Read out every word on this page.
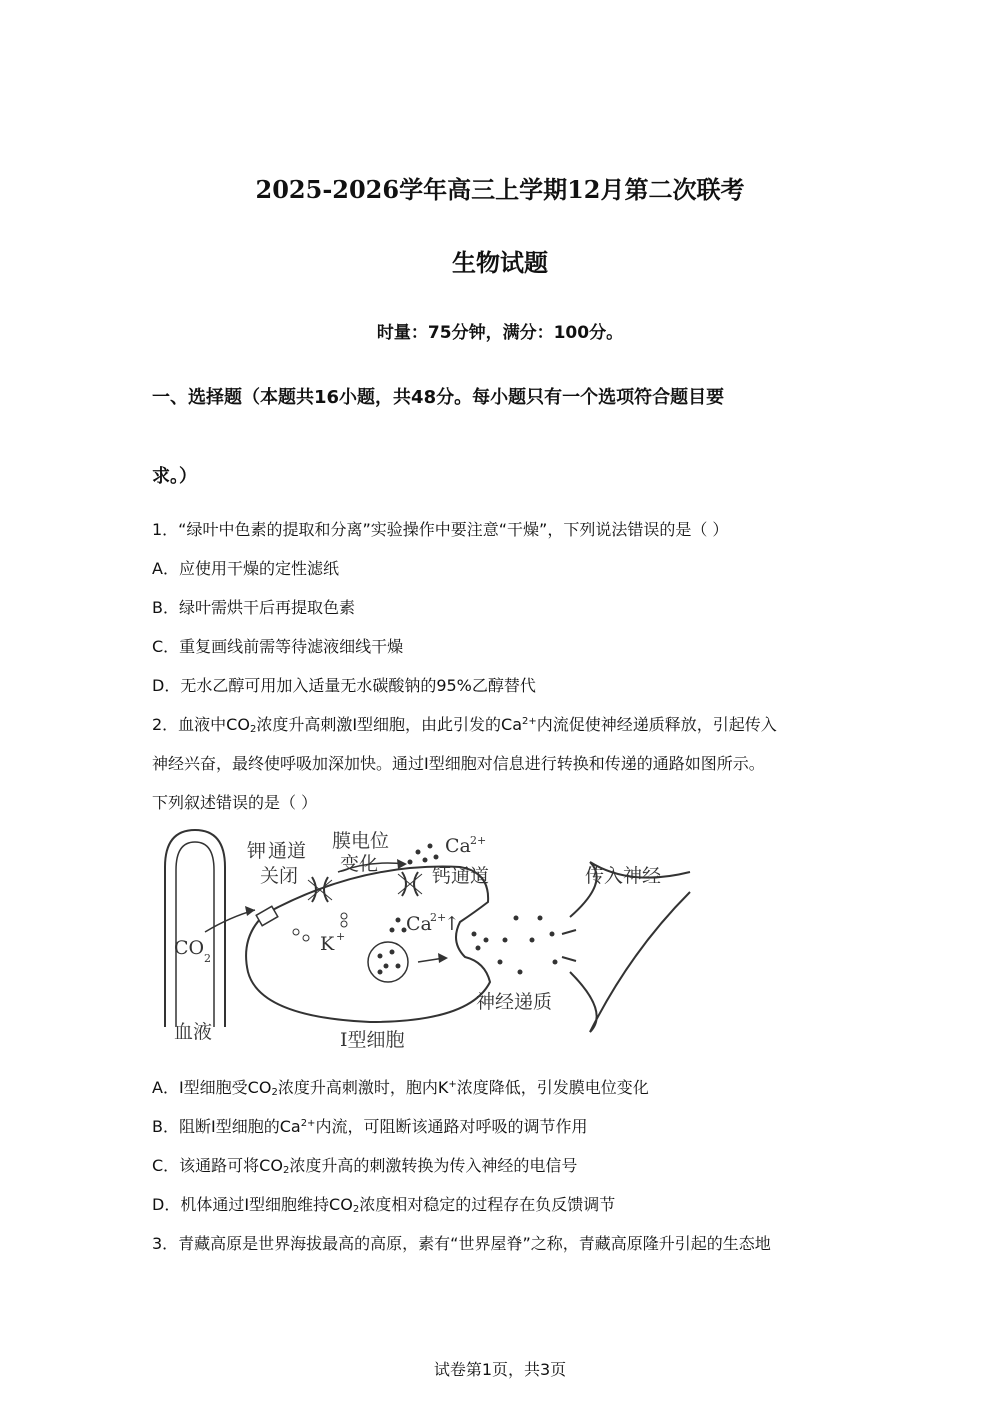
2025-2026学年高三上学期12月第二次联考
生物试题
时量：75分钟，满分：100分。
一、选择题（本题共16小题，共48分。每小题只有一个选项符合题目要
求。）
1．“绿叶中色素的提取和分离”实验操作中要注意“干燥”，下列说法错误的是（ ）
A．应使用干燥的定性滤纸
B．绿叶需烘干后再提取色素
C．重复画线前需等待滤液细线干燥
D．无水乙醇可用加入适量无水碳酸钠的95%乙醇替代
2．血液中$CO_2$浓度升高刺激Ⅰ型细胞，由此引发的$Ca^{2+}$内流促使神经递质释放，引起传入
神经兴奋，最终使呼吸加深加快。通过Ⅰ型细胞对信息进行转换和传递的通路如图所示。
下列叙述错误的是（ ）
钾 通道
关闭
膜电位
变化
Ca 2+
钙通道	传入神经
CO 2
K +
Ca
2+
↑
神经递质
血液	Ⅰ型细胞
A．Ⅰ型细胞受$CO_2$浓度升高刺激时，胞内K+浓度降低，引发膜电位变化
B．阻断Ⅰ型细胞的$Ca^{2+}$内流，可阻断该通路对呼吸的调节作用
C．该通路可将$CO_2$浓度升高的刺激转换为传入神经的电信号
D．机体通过Ⅰ型细胞维持$CO_2$浓度相对稳定的过程存在负反馈调节
3．青藏高原是世界海拔最高的高原，素有“世界屋脊”之称，青藏高原隆升引起的生态地
试卷第1页，共3页
